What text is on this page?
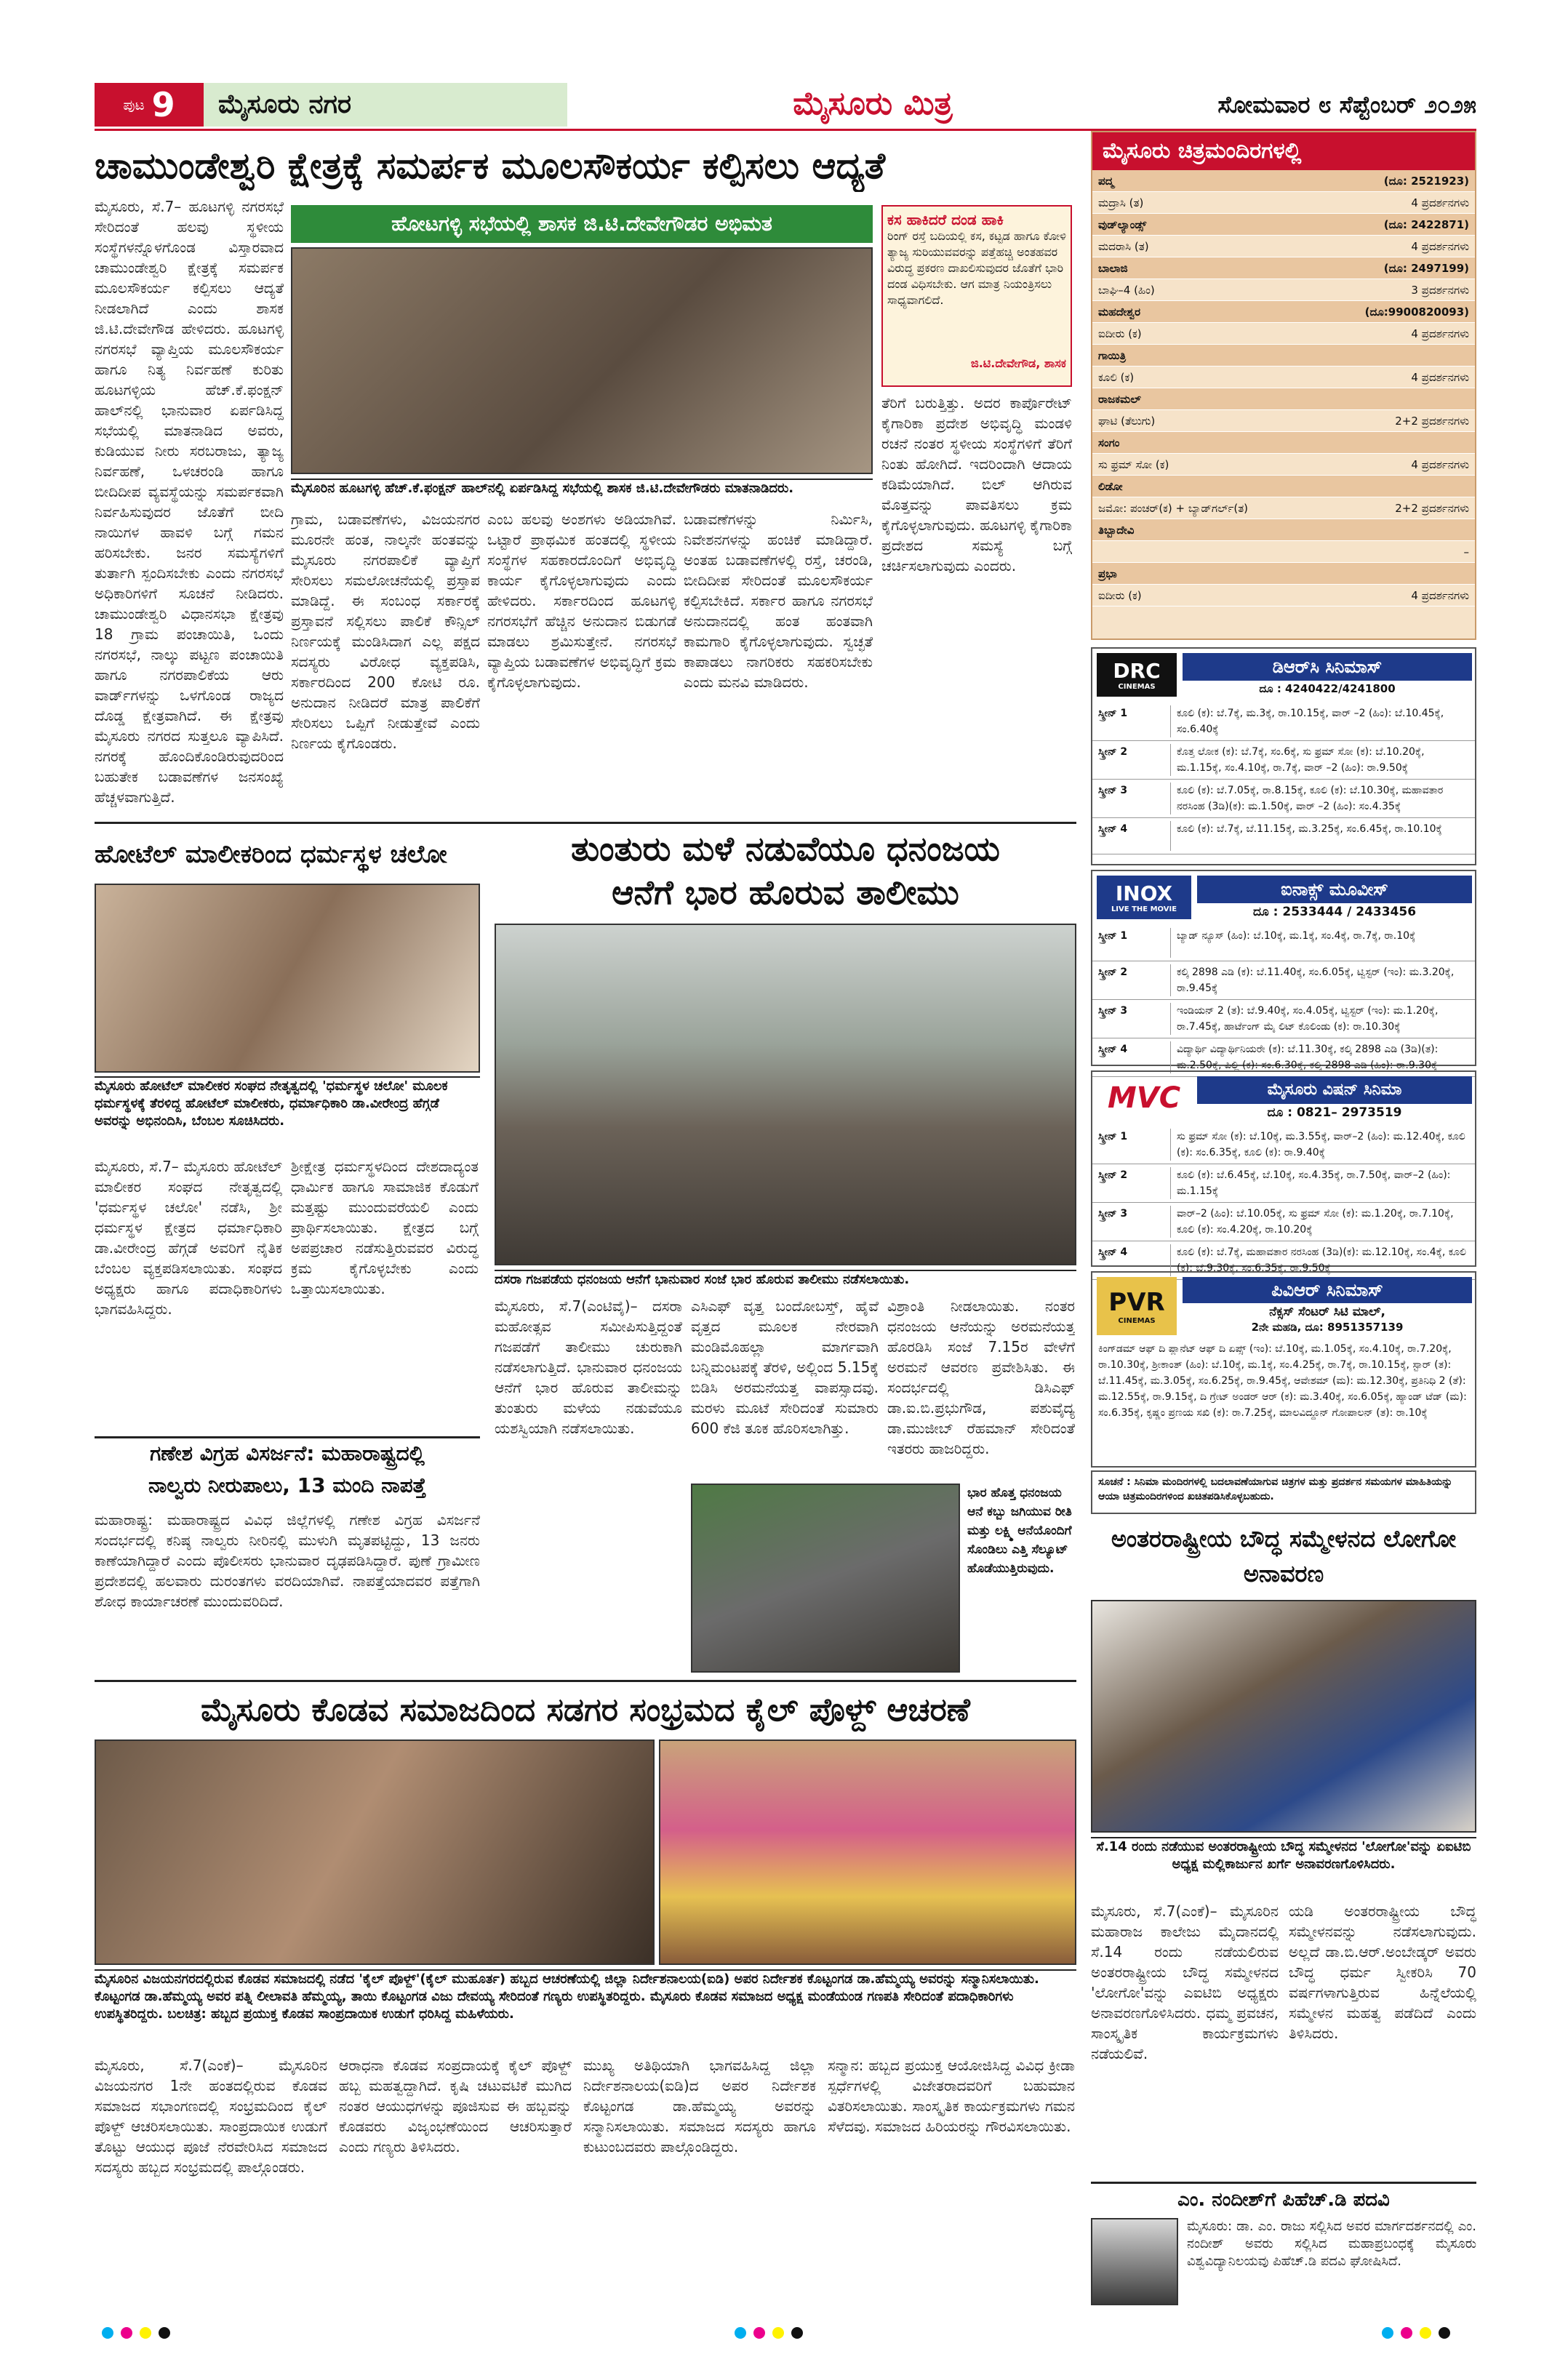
ಪುಟ 9	ಮೈಸೂರು ನಗರ	ಮೈಸೂರು ಮಿತ್ರ	ಸೋಮವಾರ ೮ ಸೆಪ್ಟೆಂಬರ್ ೨೦೨೫
ಚಾಮುಂಡೇಶ್ವರಿ ಕ್ಷೇತ್ರಕ್ಕೆ ಸಮರ್ಪಕ ಮೂಲಸೌಕರ್ಯ ಕಲ್ಪಿಸಲು ಆದ್ಯತೆ
ಮೈಸೂರು, ಸೆ.7– ಹೂಟಗಳ್ಳಿ ನಗರಸಭೆ ಸೇರಿದಂತೆ ಹಲವು ಸ್ಥಳೀಯ ಸಂಸ್ಥೆಗಳನ್ನೊಳಗೊಂಡ ವಿಸ್ತಾರವಾದ ಚಾಮುಂಡೇಶ್ವರಿ ಕ್ಷೇತ್ರಕ್ಕೆ ಸಮರ್ಪಕ ಮೂಲಸೌಕರ್ಯ ಕಲ್ಪಿಸಲು ಆದ್ಯತೆ ನೀಡಲಾಗಿದೆ ಎಂದು ಶಾಸಕ ಜಿ.ಟಿ.ದೇವೇಗೌಡ ಹೇಳಿದರು. ಹೂಟಗಳ್ಳಿ ನಗರಸಭೆ ವ್ಯಾಪ್ತಿಯ ಮೂಲಸೌಕರ್ಯ ಹಾಗೂ ನಿತ್ಯ ನಿರ್ವಹಣೆ ಕುರಿತು ಹೂಟಗಳ್ಳಿಯ ಹೆಚ್.ಕೆ.ಫಂಕ್ಷನ್ ಹಾಲ್‌ನಲ್ಲಿ ಭಾನುವಾರ ಏರ್ಪಡಿಸಿದ್ದ ಸಭೆಯಲ್ಲಿ ಮಾತನಾಡಿದ ಅವರು, ಕುಡಿಯುವ ನೀರು ಸರಬರಾಜು, ತ್ಯಾಜ್ಯ ನಿರ್ವಹಣೆ, ಒಳಚರಂಡಿ ಹಾಗೂ ಬೀದಿದೀಪ ವ್ಯವಸ್ಥೆಯನ್ನು ಸಮರ್ಪಕವಾಗಿ ನಿರ್ವಹಿಸುವುದರ ಜೊತೆಗೆ ಬೀದಿ ನಾಯಿಗಳ ಹಾವಳಿ ಬಗ್ಗೆ ಗಮನ ಹರಿಸಬೇಕು. ಜನರ ಸಮಸ್ಯೆಗಳಿಗೆ ತುರ್ತಾಗಿ ಸ್ಪಂದಿಸಬೇಕು ಎಂದು ನಗರಸಭೆ ಅಧಿಕಾರಿಗಳಿಗೆ ಸೂಚನೆ ನೀಡಿದರು. ಚಾಮುಂಡೇಶ್ವರಿ ವಿಧಾನಸಭಾ ಕ್ಷೇತ್ರವು 18 ಗ್ರಾಮ ಪಂಚಾಯಿತಿ, ಒಂದು ನಗರಸಭೆ, ನಾಲ್ಕು ಪಟ್ಟಣ ಪಂಚಾಯಿತಿ ಹಾಗೂ ನಗರಪಾಲಿಕೆಯ ಆರು ವಾರ್ಡ್‌ಗಳನ್ನು ಒಳಗೊಂಡ ರಾಜ್ಯದ ದೊಡ್ಡ ಕ್ಷೇತ್ರವಾಗಿದೆ. ಈ ಕ್ಷೇತ್ರವು ಮೈಸೂರು ನಗರದ ಸುತ್ತಲೂ ವ್ಯಾಪಿಸಿದೆ. ನಗರಕ್ಕೆ ಹೊಂದಿಕೊಂಡಿರುವುದರಿಂದ ಬಹುತೇಕ ಬಡಾವಣೆಗಳ ಜನಸಂಖ್ಯೆ ಹೆಚ್ಚಳವಾಗುತ್ತಿದೆ.
ಹೋಟಗಳ್ಳಿ ಸಭೆಯಲ್ಲಿ ಶಾಸಕ ಜಿ.ಟಿ.ದೇವೇಗೌಡರ ಅಭಿಮತ	ಕಸ ಹಾಕಿದರೆ ದಂಡ ಹಾಕಿ
ರಿಂಗ್ ರಸ್ತೆ ಬದಿಯಲ್ಲಿ ಕಸ, ಕಟ್ಟಡ ಹಾಗೂ ಕೋಳಿ ತ್ಯಾಜ್ಯ ಸುರಿಯುವವರನ್ನು ಪತ್ತೆಹಚ್ಚಿ ಅಂತಹವರ ವಿರುದ್ಧ ಪ್ರಕರಣ ದಾಖಲಿಸುವುದರ ಜೊತೆಗೆ ಭಾರಿ ದಂಡ ವಿಧಿಸಬೇಕು. ಆಗ ಮಾತ್ರ ನಿಯಂತ್ರಿಸಲು ಸಾಧ್ಯವಾಗಲಿದೆ.
ಜಿ.ಟಿ.ದೇವೇಗೌಡ, ಶಾಸಕ
ತೆರಿಗೆ ಬರುತ್ತಿತ್ತು. ಅದರ ಕಾರ್ಪೊರೇಟ್ ಕೈಗಾರಿಕಾ ಪ್ರದೇಶ ಅಭಿವೃದ್ಧಿ ಮಂಡಳಿ ರಚನೆ ನಂತರ ಸ್ಥಳೀಯ ಸಂಸ್ಥೆಗಳಿಗೆ ತೆರಿಗೆ ನಿಂತು ಹೋಗಿದೆ. ಇದರಿಂದಾಗಿ ಆದಾಯ ಕಡಿಮೆಯಾಗಿದೆ. ಬಿಲ್ ಆಗಿರುವ ಮೊತ್ತವನ್ನು ಪಾವತಿಸಲು ಕ್ರಮ ಕೈಗೊಳ್ಳಲಾಗುವುದು. ಹೂಟಗಳ್ಳಿ ಕೈಗಾರಿಕಾ ಪ್ರದೇಶದ ಸಮಸ್ಯೆ ಬಗ್ಗೆ ಚರ್ಚಿಸಲಾಗುವುದು ಎಂದರು.
ಮೈಸೂರಿನ ಹೂಟಗಳ್ಳಿ ಹೆಚ್.ಕೆ.ಫಂಕ್ಷನ್ ಹಾಲ್‌ನಲ್ಲಿ ಏರ್ಪಡಿಸಿದ್ದ ಸಭೆಯಲ್ಲಿ ಶಾಸಕ ಜಿ.ಟಿ.ದೇವೇಗೌಡರು ಮಾತನಾಡಿದರು.
ಗ್ರಾಮ, ಬಡಾವಣೆಗಳು, ವಿಜಯನಗರ ಮೂರನೇ ಹಂತ, ನಾಲ್ಕನೇ ಹಂತವನ್ನು ಮೈಸೂರು ನಗರಪಾಲಿಕೆ ವ್ಯಾಪ್ತಿಗೆ ಸೇರಿಸಲು ಸಮಲೋಚನೆಯಲ್ಲಿ ಪ್ರಸ್ತಾಪ ಮಾಡಿದ್ದೆ. ಈ ಸಂಬಂಧ ಸರ್ಕಾರಕ್ಕೆ ಪ್ರಸ್ತಾವನೆ ಸಲ್ಲಿಸಲು ಪಾಲಿಕೆ ಕೌನ್ಸಿಲ್ ನಿರ್ಣಯಕ್ಕೆ ಮಂಡಿಸಿದಾಗ ಎಲ್ಲ ಪಕ್ಷದ ಸದಸ್ಯರು ವಿರೋಧ ವ್ಯಕ್ತಪಡಿಸಿ, ಸರ್ಕಾರದಿಂದ 200 ಕೋಟಿ ರೂ. ಅನುದಾನ ನೀಡಿದರೆ ಮಾತ್ರ ಪಾಲಿಕೆಗೆ ಸೇರಿಸಲು ಒಪ್ಪಿಗೆ ನೀಡುತ್ತೇವೆ ಎಂದು ನಿರ್ಣಯ ಕೈಗೊಂಡರು.
ಎಂಬ ಹಲವು ಅಂಶಗಳು ಅಡಿಯಾಗಿವೆ. ಒಟ್ಟಾರೆ ಪ್ರಾಥಮಿಕ ಹಂತದಲ್ಲಿ ಸ್ಥಳೀಯ ಸಂಸ್ಥೆಗಳ ಸಹಕಾರದೊಂದಿಗೆ ಅಭಿವೃದ್ಧಿ ಕಾರ್ಯ ಕೈಗೊಳ್ಳಲಾಗುವುದು ಎಂದು ಹೇಳಿದರು. ಸರ್ಕಾರದಿಂದ ಹೂಟಗಳ್ಳಿ ನಗರಸಭೆಗೆ ಹೆಚ್ಚಿನ ಅನುದಾನ ಬಿಡುಗಡೆ ಮಾಡಲು ಶ್ರಮಿಸುತ್ತೇನೆ. ನಗರಸಭೆ ವ್ಯಾಪ್ತಿಯ ಬಡಾವಣೆಗಳ ಅಭಿವೃದ್ಧಿಗೆ ಕ್ರಮ ಕೈಗೊಳ್ಳಲಾಗುವುದು.
ಬಡಾವಣೆಗಳನ್ನು ನಿರ್ಮಿಸಿ, ನಿವೇಶನಗಳನ್ನು ಹಂಚಿಕೆ ಮಾಡಿದ್ದಾರೆ. ಅಂತಹ ಬಡಾವಣೆಗಳಲ್ಲಿ ರಸ್ತೆ, ಚರಂಡಿ, ಬೀದಿದೀಪ ಸೇರಿದಂತೆ ಮೂಲಸೌಕರ್ಯ ಕಲ್ಪಿಸಬೇಕಿದೆ. ಸರ್ಕಾರ ಹಾಗೂ ನಗರಸಭೆ ಅನುದಾನದಲ್ಲಿ ಹಂತ ಹಂತವಾಗಿ ಕಾಮಗಾರಿ ಕೈಗೊಳ್ಳಲಾಗುವುದು. ಸ್ವಚ್ಛತೆ ಕಾಪಾಡಲು ನಾಗರಿಕರು ಸಹಕರಿಸಬೇಕು ಎಂದು ಮನವಿ ಮಾಡಿದರು.
ಹೋಟೆಲ್ ಮಾಲೀಕರಿಂದ ಧರ್ಮಸ್ಥಳ ಚಲೋ
ಮೈಸೂರು ಹೋಟೆಲ್ ಮಾಲೀಕರ ಸಂಘದ ನೇತೃತ್ವದಲ್ಲಿ 'ಧರ್ಮಸ್ಥಳ ಚಲೋ' ಮೂಲಕ ಧರ್ಮಸ್ಥಳಕ್ಕೆ ತೆರಳಿದ್ದ ಹೋಟೆಲ್ ಮಾಲೀಕರು, ಧರ್ಮಾಧಿಕಾರಿ ಡಾ.ವೀರೇಂದ್ರ ಹೆಗ್ಗಡೆ ಅವರನ್ನು ಅಭಿನಂದಿಸಿ, ಬೆಂಬಲ ಸೂಚಿಸಿದರು.
ಮೈಸೂರು, ಸೆ.7– ಮೈಸೂರು ಹೋಟೆಲ್ ಮಾಲೀಕರ ಸಂಘದ ನೇತೃತ್ವದಲ್ಲಿ 'ಧರ್ಮಸ್ಥಳ ಚಲೋ' ನಡೆಸಿ, ಶ್ರೀ ಧರ್ಮಸ್ಥಳ ಕ್ಷೇತ್ರದ ಧರ್ಮಾಧಿಕಾರಿ ಡಾ.ವೀರೇಂದ್ರ ಹೆಗ್ಗಡೆ ಅವರಿಗೆ ನೈತಿಕ ಬೆಂಬಲ ವ್ಯಕ್ತಪಡಿಸಲಾಯಿತು. ಸಂಘದ ಅಧ್ಯಕ್ಷರು ಹಾಗೂ ಪದಾಧಿಕಾರಿಗಳು ಭಾಗವಹಿಸಿದ್ದರು.
ಶ್ರೀಕ್ಷೇತ್ರ ಧರ್ಮಸ್ಥಳದಿಂದ ದೇಶದಾದ್ಯಂತ ಧಾರ್ಮಿಕ ಹಾಗೂ ಸಾಮಾಜಿಕ ಕೊಡುಗೆ ಮತ್ತಷ್ಟು ಮುಂದುವರೆಯಲಿ ಎಂದು ಪ್ರಾರ್ಥಿಸಲಾಯಿತು. ಕ್ಷೇತ್ರದ ಬಗ್ಗೆ ಅಪಪ್ರಚಾರ ನಡೆಸುತ್ತಿರುವವರ ವಿರುದ್ಧ ಕ್ರಮ ಕೈಗೊಳ್ಳಬೇಕು ಎಂದು ಒತ್ತಾಯಿಸಲಾಯಿತು.
ಗಣೇಶ ವಿಗ್ರಹ ವಿಸರ್ಜನೆ: ಮಹಾರಾಷ್ಟ್ರದಲ್ಲಿ
ನಾಲ್ವರು ನೀರುಪಾಲು, 13 ಮಂದಿ ನಾಪತ್ತೆ
ಮಹಾರಾಷ್ಟ್ರ: ಮಹಾರಾಷ್ಟ್ರದ ವಿವಿಧ ಜಿಲ್ಲೆಗಳಲ್ಲಿ ಗಣೇಶ ವಿಗ್ರಹ ವಿಸರ್ಜನೆ ಸಂದರ್ಭದಲ್ಲಿ ಕನಿಷ್ಠ ನಾಲ್ವರು ನೀರಿನಲ್ಲಿ ಮುಳುಗಿ ಮೃತಪಟ್ಟಿದ್ದು, 13 ಜನರು ಕಾಣೆಯಾಗಿದ್ದಾರೆ ಎಂದು ಪೊಲೀಸರು ಭಾನುವಾರ ದೃಢಪಡಿಸಿದ್ದಾರೆ. ಪುಣೆ ಗ್ರಾಮೀಣ ಪ್ರದೇಶದಲ್ಲಿ ಹಲವಾರು ದುರಂತಗಳು ವರದಿಯಾಗಿವೆ. ನಾಪತ್ತೆಯಾದವರ ಪತ್ತೆಗಾಗಿ ಶೋಧ ಕಾರ್ಯಾಚರಣೆ ಮುಂದುವರಿದಿದೆ.
ತುಂತುರು ಮಳೆ ನಡುವೆಯೂ ಧನಂಜಯ
ಆನೆಗೆ ಭಾರ ಹೊರುವ ತಾಲೀಮು
ದಸರಾ ಗಜಪಡೆಯ ಧನಂಜಯ ಆನೆಗೆ ಭಾನುವಾರ ಸಂಜೆ ಭಾರ ಹೊರುವ ತಾಲೀಮು ನಡೆಸಲಾಯಿತು.
ಮೈಸೂರು, ಸೆ.7(ಎಂಟಿವೈ)– ದಸರಾ ಮಹೋತ್ಸವ ಸಮೀಪಿಸುತ್ತಿದ್ದಂತೆ ಗಜಪಡೆಗೆ ತಾಲೀಮು ಚುರುಕಾಗಿ ನಡೆಸಲಾಗುತ್ತಿದೆ. ಭಾನುವಾರ ಧನಂಜಯ ಆನೆಗೆ ಭಾರ ಹೊರುವ ತಾಲೀಮನ್ನು ತುಂತುರು ಮಳೆಯ ನಡುವೆಯೂ ಯಶಸ್ವಿಯಾಗಿ ನಡೆಸಲಾಯಿತು.
ಎಸಿಎಫ್ ವೃತ್ತ ಬಂದೋಬಸ್ತ್, ಹೈವೆ ವೃತ್ತದ ಮೂಲಕ ನೇರವಾಗಿ ಮಂಡಿಮೊಹಲ್ಲಾ ಮಾರ್ಗವಾಗಿ ಬನ್ನಿಮಂಟಪಕ್ಕೆ ತೆರಳಿ, ಅಲ್ಲಿಂದ 5.15ಕ್ಕೆ ಬಿಡಿಸಿ ಅರಮನೆಯತ್ತ ವಾಪಸ್ಸಾದವು. ಮರಳು ಮೂಟೆ ಸೇರಿದಂತೆ ಸುಮಾರು 600 ಕೆಜಿ ತೂಕ ಹೊರಿಸಲಾಗಿತ್ತು.
ವಿಶ್ರಾಂತಿ ನೀಡಲಾಯಿತು. ನಂತರ ಧನಂಜಯ ಆನೆಯನ್ನು ಅರಮನೆಯತ್ತ ಹೊರಡಿಸಿ ಸಂಜೆ 7.15ರ ವೇಳೆಗೆ ಅರಮನೆ ಆವರಣ ಪ್ರವೇಶಿಸಿತು. ಈ ಸಂದರ್ಭದಲ್ಲಿ ಡಿಸಿಎಫ್ ಡಾ.ಐ.ಬಿ.ಪ್ರಭುಗೌಡ, ಪಶುವೈದ್ಯ ಡಾ.ಮುಜೀಬ್ ರೆಹಮಾನ್ ಸೇರಿದಂತೆ ಇತರರು ಹಾಜರಿದ್ದರು.
ಭಾರ ಹೊತ್ತ ಧನಂಜಯ ಆನೆ ಕಬ್ಬು ಜಗಿಯುವ ರೀತಿ ಮತ್ತು ಲಕ್ಷ್ಮಿ ಆನೆಯೊಂದಿಗೆ ಸೊಂಡಿಲು ಎತ್ತಿ ಸೆಲ್ಯೂಟ್ ಹೊಡೆಯುತ್ತಿರುವುದು.
ಮೈಸೂರು ಕೊಡವ ಸಮಾಜದಿಂದ ಸಡಗರ ಸಂಭ್ರಮದ ಕೈಲ್ ಪೊಳ್ದ್ ಆಚರಣೆ
ಮೈಸೂರಿನ ವಿಜಯನಗರದಲ್ಲಿರುವ ಕೊಡವ ಸಮಾಜದಲ್ಲಿ ನಡೆದ 'ಕೈಲ್ ಪೊಳ್ದ್'(ಕೈಲ್ ಮುಹೂರ್ತ) ಹಬ್ಬದ ಆಚರಣೆಯಲ್ಲಿ ಜಿಲ್ಲಾ ನಿರ್ದೇಶನಾಲಯ(ಐಡಿ) ಅಪರ ನಿರ್ದೇಶಕ ಕೊಟ್ಟಂಗಡ ಡಾ.ಹೆಮ್ಮಯ್ಯ ಅವರನ್ನು ಸನ್ಮಾನಿಸಲಾಯಿತು. ಕೊಟ್ಟಂಗಡ ಡಾ.ಹೆಮ್ಮಯ್ಯ ಅವರ ಪತ್ನಿ ಲೀಲಾವತಿ ಹೆಮ್ಮಯ್ಯ, ತಾಯಿ ಕೊಟ್ಟಂಗಡ ವಿಜು ದೇವಯ್ಯ ಸೇರಿದಂತೆ ಗಣ್ಯರು ಉಪಸ್ಥಿತರಿದ್ದರು. ಮೈಸೂರು ಕೊಡವ ಸಮಾಜದ ಅಧ್ಯಕ್ಷ ಮಂಡೆಯಂಡ ಗಣಪತಿ ಸೇರಿದಂತೆ ಪದಾಧಿಕಾರಿಗಳು ಉಪಸ್ಥಿತರಿದ್ದರು. ಬಲಚಿತ್ರ: ಹಬ್ಬದ ಪ್ರಯುಕ್ತ ಕೊಡವ ಸಾಂಪ್ರದಾಯಿಕ ಉಡುಗೆ ಧರಿಸಿದ್ದ ಮಹಿಳೆಯರು.
ಮೈಸೂರು, ಸೆ.7(ಎಂಕೆ)– ಮೈಸೂರಿನ ವಿಜಯನಗರ 1ನೇ ಹಂತದಲ್ಲಿರುವ ಕೊಡವ ಸಮಾಜದ ಸಭಾಂಗಣದಲ್ಲಿ ಸಂಭ್ರಮದಿಂದ ಕೈಲ್ ಪೊಳ್ದ್ ಆಚರಿಸಲಾಯಿತು. ಸಾಂಪ್ರದಾಯಿಕ ಉಡುಗೆ ತೊಟ್ಟು ಆಯುಧ ಪೂಜೆ ನೆರವೇರಿಸಿದ ಸಮಾಜದ ಸದಸ್ಯರು ಹಬ್ಬದ ಸಂಭ್ರಮದಲ್ಲಿ ಪಾಲ್ಗೊಂಡರು.
ಆರಾಧನಾ ಕೊಡವ ಸಂಪ್ರದಾಯಕ್ಕೆ ಕೈಲ್ ಪೊಳ್ದ್ ಹಬ್ಬ ಮಹತ್ವದ್ದಾಗಿದೆ. ಕೃಷಿ ಚಟುವಟಿಕೆ ಮುಗಿದ ನಂತರ ಆಯುಧಗಳನ್ನು ಪೂಜಿಸುವ ಈ ಹಬ್ಬವನ್ನು ಕೊಡವರು ವಿಜೃಂಭಣೆಯಿಂದ ಆಚರಿಸುತ್ತಾರೆ ಎಂದು ಗಣ್ಯರು ತಿಳಿಸಿದರು.
ಮುಖ್ಯ ಅತಿಥಿಯಾಗಿ ಭಾಗವಹಿಸಿದ್ದ ಜಿಲ್ಲಾ ನಿರ್ದೇಶನಾಲಯ(ಐಡಿ)ದ ಅಪರ ನಿರ್ದೇಶಕ ಕೊಟ್ಟಂಗಡ ಡಾ.ಹೆಮ್ಮಯ್ಯ ಅವರನ್ನು ಸನ್ಮಾನಿಸಲಾಯಿತು. ಸಮಾಜದ ಸದಸ್ಯರು ಹಾಗೂ ಕುಟುಂಬದವರು ಪಾಲ್ಗೊಂಡಿದ್ದರು.
ಸನ್ಮಾನ: ಹಬ್ಬದ ಪ್ರಯುಕ್ತ ಆಯೋಜಿಸಿದ್ದ ವಿವಿಧ ಕ್ರೀಡಾ ಸ್ಪರ್ಧೆಗಳಲ್ಲಿ ವಿಜೇತರಾದವರಿಗೆ ಬಹುಮಾನ ವಿತರಿಸಲಾಯಿತು. ಸಾಂಸ್ಕೃತಿಕ ಕಾರ್ಯಕ್ರಮಗಳು ಗಮನ ಸೆಳೆದವು. ಸಮಾಜದ ಹಿರಿಯರನ್ನು ಗೌರವಿಸಲಾಯಿತು.
ಮೈಸೂರು ಚಿತ್ರಮಂದಿರಗಳಲ್ಲಿ
ಪದ್ಮ	(ದೂ: 2521923)
ಮದ್ರಾಸಿ (ತ)	4 ಪ್ರದರ್ಶನಗಳು
ವುಡ್‌ಲ್ಯಾಂಡ್ಸ್	(ದೂ: 2422871)
ಮದರಾಸಿ (ತ)	4 ಪ್ರದರ್ಶನಗಳು
ಬಾಲಾಜಿ	(ದೂ: 2497199)
ಬಾಘಿ–4 (ಹಿಂ)	3 ಪ್ರದರ್ಶನಗಳು
ಮಹದೇಶ್ವರ	(ದೂ:9900820093)
ಐದೀರು (ಕ)	4 ಪ್ರದರ್ಶನಗಳು
ಗಾಯಿತ್ರಿ
ಕೂಲಿ (ಕ)	4 ಪ್ರದರ್ಶನಗಳು
ರಾಜಕಮಲ್
ಘಾಟಿ (ತೆಲುಗು)	2+2 ಪ್ರದರ್ಶನಗಳು
ಸಂಗಂ
ಸು ಫ್ರಮ್ ಸೋ (ಕ)	4 ಪ್ರದರ್ಶನಗಳು
ಲಿಡೋ
ಜಮೋ: ಪಂಚರ್(ಕ) + ಬ್ಯಾಡ್‌ಗರ್ಲ್(ತ)	2+2 ಪ್ರದರ್ಶನಗಳು
ತಿಬ್ಬಾದೇವಿ
–
ಪ್ರಭಾ
ಐದೀರು (ಕ)	4 ಪ್ರದರ್ಶನಗಳು
DRC
CINEMAS
ಡಿಆರ್‌ಸಿ ಸಿನಿಮಾಸ್
ದೂ : 4240422/4241800
ಸ್ಕ್ರೀನ್ 1	ಕೂಲಿ (ಕ): ಬೆ.7ಕ್ಕೆ, ಮ.3ಕ್ಕೆ, ರಾ.10.15ಕ್ಕೆ, ವಾರ್ –2 (ಹಿಂ): ಬೆ.10.45ಕ್ಕೆ, ಸಂ.6.40ಕ್ಕೆ
ಸ್ಕ್ರೀನ್ 2	ಕೊತ್ತ ಲೋಕ (ಕ): ಬೆ.7ಕ್ಕೆ, ಸಂ.6ಕ್ಕೆ, ಸು ಫ್ರಮ್ ಸೋ (ಕ): ಬೆ.10.20ಕ್ಕೆ, ಮ.1.15ಕ್ಕೆ, ಸಂ.4.10ಕ್ಕೆ, ರಾ.7ಕ್ಕೆ, ವಾರ್ –2 (ಹಿಂ): ರಾ.9.50ಕ್ಕೆ
ಸ್ಕ್ರೀನ್ 3	ಕೂಲಿ (ಕ): ಬೆ.7.05ಕ್ಕೆ, ರಾ.8.15ಕ್ಕೆ, ಕೂಲಿ (ಕ): ಬೆ.10.30ಕ್ಕೆ, ಮಹಾವತಾರ ನರಸಿಂಹ (3ಡಿ)(ಕ): ಮ.1.50ಕ್ಕೆ, ವಾರ್ –2 (ಹಿಂ): ಸಂ.4.35ಕ್ಕೆ
ಸ್ಕ್ರೀನ್ 4	ಕೂಲಿ (ಕ): ಬೆ.7ಕ್ಕೆ, ಬೆ.11.15ಕ್ಕೆ, ಮ.3.25ಕ್ಕೆ, ಸಂ.6.45ಕ್ಕೆ, ರಾ.10.10ಕ್ಕೆ
INOX
LIVE THE MOVIE
ಐನಾಕ್ಸ್ ಮೂವೀಸ್
ದೂ : 2533444 / 2433456
ಸ್ಕ್ರೀನ್ 1	ಬ್ಯಾಡ್ ನ್ಯೂಸ್ (ಹಿಂ): ಬೆ.10ಕ್ಕೆ, ಮ.1ಕ್ಕೆ, ಸಂ.4ಕ್ಕೆ, ರಾ.7ಕ್ಕೆ, ರಾ.10ಕ್ಕೆ
ಸ್ಕ್ರೀನ್ 2	ಕಲ್ಕಿ 2898 ಎಡಿ (ಕ): ಬೆ.11.40ಕ್ಕೆ, ಸಂ.6.05ಕ್ಕೆ, ಟ್ವಿಸ್ಟರ್ (ಇಂ): ಮ.3.20ಕ್ಕೆ, ರಾ.9.45ಕ್ಕೆ
ಸ್ಕ್ರೀನ್ 3	ಇಂಡಿಯನ್ 2 (ತ): ಬೆ.9.40ಕ್ಕೆ, ಸಂ.4.05ಕ್ಕೆ, ಟ್ವಿಸ್ಟರ್ (ಇಂ): ಮ.1.20ಕ್ಕೆ, ರಾ.7.45ಕ್ಕೆ, ಹಾರ್ಟೆಂಗ್ ಮೈ ಲಿಟ್ ಕೊಲಿಂಡು (ಕ): ರಾ.10.30ಕ್ಕೆ
ಸ್ಕ್ರೀನ್ 4	ವಿದ್ಯಾರ್ಥಿ ವಿದ್ಯಾರ್ಥಿನಿಯರೇ (ಕ): ಬೆ.11.30ಕ್ಕೆ, ಕಲ್ಕಿ 2898 ಎಡಿ (3ಡಿ)(ತ): ಮ.2.50ಕ್ಕೆ, ಪಿಲ್ಲಿ (ಕ): ಸಂ.6.30ಕ್ಕೆ, ಕಲ್ಕಿ 2898 ಎಡಿ (ಹಿಂ): ರಾ.9.30ಕ್ಕೆ
MVC	ಮೈಸೂರು ವಿಷನ್ ಸಿನಿಮಾ
ದೂ : 0821– 2973519
ಸ್ಕ್ರೀನ್ 1	ಸು ಫ್ರಮ್ ಸೋ (ಕ): ಬೆ.10ಕ್ಕೆ, ಮ.3.55ಕ್ಕೆ, ವಾರ್–2 (ಹಿಂ): ಮ.12.40ಕ್ಕೆ, ಕೂಲಿ (ಕ): ಸಂ.6.35ಕ್ಕೆ, ಕೂಲಿ (ಕ): ರಾ.9.40ಕ್ಕೆ
ಸ್ಕ್ರೀನ್ 2	ಕೂಲಿ (ಕ): ಬೆ.6.45ಕ್ಕೆ, ಬೆ.10ಕ್ಕೆ, ಸಂ.4.35ಕ್ಕೆ, ರಾ.7.50ಕ್ಕೆ, ವಾರ್–2 (ಹಿಂ): ಮ.1.15ಕ್ಕೆ
ಸ್ಕ್ರೀನ್ 3	ವಾರ್–2 (ಹಿಂ): ಬೆ.10.05ಕ್ಕೆ, ಸು ಫ್ರಮ್ ಸೋ (ಕ): ಮ.1.20ಕ್ಕೆ, ರಾ.7.10ಕ್ಕೆ, ಕೂಲಿ (ಕ): ಸಂ.4.20ಕ್ಕೆ, ರಾ.10.20ಕ್ಕೆ
ಸ್ಕ್ರೀನ್ 4	ಕೂಲಿ (ಕ): ಬೆ.7ಕ್ಕೆ, ಮಹಾವತಾರ ನರಸಿಂಹ (3ಡಿ)(ಕ): ಮ.12.10ಕ್ಕೆ, ಸಂ.4ಕ್ಕೆ, ಕೂಲಿ (ಕ): ಬೆ.9.30ಕ್ಕೆ, ಸಂ.6.35ಕ್ಕೆ, ರಾ.9.50ಕ್ಕೆ
PVR
CINEMAS
ಪಿವಿಆರ್ ಸಿನಿಮಾಸ್
ನೆಕ್ಸಸ್ ಸೆಂಟರ್ ಸಿಟಿ ಮಾಲ್,
2ನೇ ಮಹಡಿ, ದೂ: 8951357139
ಕಿಂಗ್‌ಡಮ್ ಆಫ್ ದಿ ಪ್ಲಾನೆಟ್ ಆಫ್ ದಿ ಏಪ್ಸ್ (ಇಂ): ಬೆ.10ಕ್ಕೆ, ಮ.1.05ಕ್ಕೆ, ಸಂ.4.10ಕ್ಕೆ, ರಾ.7.20ಕ್ಕೆ, ರಾ.10.30ಕ್ಕೆ, ಶ್ರೀಕಾಂತ್ (ಹಿಂ): ಬೆ.10ಕ್ಕೆ, ಮ.1ಕ್ಕೆ, ಸಂ.4.25ಕ್ಕೆ, ರಾ.7ಕ್ಕೆ, ರಾ.10.15ಕ್ಕೆ, ಸ್ಟಾರ್ (ತ): ಬೆ.11.45ಕ್ಕೆ, ಮ.3.05ಕ್ಕೆ, ಸಂ.6.25ಕ್ಕೆ, ರಾ.9.45ಕ್ಕೆ, ಆವೇಶಮ್ (ಮ): ಮ.12.30ಕ್ಕೆ, ಪ್ರತಿನಿಧಿ 2 (ತೆ): ಮ.12.55ಕ್ಕೆ, ರಾ.9.15ಕ್ಕೆ, ದಿ ಗ್ರೇಟ್ ಅಂಡರ್ ಆರ್ (ಕ): ಮ.3.40ಕ್ಕೆ, ಸಂ.6.05ಕ್ಕೆ, ಹ್ಯಾಂಡ್ ಟೆಡ್ (ಮ): ಸಂ.6.35ಕ್ಕೆ, ಕೃಷ್ಣಂ ಪ್ರಣಯ ಸಖಿ (ಕ): ರಾ.7.25ಕ್ಕೆ, ಮಾಲವಿದ್ದೂನ್ ಗೋಪಾಲನ್ (ತ): ರಾ.10ಕ್ಕೆ
ಸೂಚನೆ : ಸಿನಿಮಾ ಮಂದಿರಗಳಲ್ಲಿ ಬದಲಾವಣೆಯಾಗುವ ಚಿತ್ರಗಳ ಮತ್ತು ಪ್ರದರ್ಶನ ಸಮಯಗಳ ಮಾಹಿತಿಯನ್ನು ಆಯಾ ಚಿತ್ರಮಂದಿರಗಳಿಂದ ಖಚಿತಪಡಿಸಿಕೊಳ್ಳಬಹುದು.
ಅಂತರರಾಷ್ಟ್ರೀಯ ಬೌದ್ಧ ಸಮ್ಮೇಳನದ ಲೋಗೋ ಅನಾವರಣ
ಸೆ.14 ರಂದು ನಡೆಯುವ ಅಂತರರಾಷ್ಟ್ರೀಯ ಬೌದ್ಧ ಸಮ್ಮೇಳನದ 'ಲೋಗೋ'ವನ್ನು ಏಐಟಿಬಿ ಅಧ್ಯಕ್ಷ ಮಲ್ಲಿಕಾರ್ಜುನ ಖರ್ಗೆ ಅನಾವರಣಗೊಳಿಸಿದರು.
ಮೈಸೂರು, ಸೆ.7(ಎಂಕೆ)– ಮೈಸೂರಿನ ಮಹಾರಾಜ ಕಾಲೇಜು ಮೈದಾನದಲ್ಲಿ ಸೆ.14 ರಂದು ನಡೆಯಲಿರುವ ಅಂತರರಾಷ್ಟ್ರೀಯ ಬೌದ್ಧ ಸಮ್ಮೇಳನದ 'ಲೋಗೋ'ವನ್ನು ಎಐಟಿಬಿ ಅಧ್ಯಕ್ಷರು ಅನಾವರಣಗೊಳಿಸಿದರು. ಧಮ್ಮ ಪ್ರವಚನ, ಸಾಂಸ್ಕೃತಿಕ ಕಾರ್ಯಕ್ರಮಗಳು ನಡೆಯಲಿವೆ.
ಯಡಿ ಅಂತರರಾಷ್ಟ್ರೀಯ ಬೌದ್ಧ ಸಮ್ಮೇಳನವನ್ನು ನಡೆಸಲಾಗುವುದು. ಅಲ್ಲದೆ ಡಾ.ಬಿ.ಆರ್.ಅಂಬೇಡ್ಕರ್ ಅವರು ಬೌದ್ಧ ಧರ್ಮ ಸ್ವೀಕರಿಸಿ 70 ವರ್ಷಗಳಾಗುತ್ತಿರುವ ಹಿನ್ನೆಲೆಯಲ್ಲಿ ಸಮ್ಮೇಳನ ಮಹತ್ವ ಪಡೆದಿದೆ ಎಂದು ತಿಳಿಸಿದರು.
ಎಂ. ನಂದೀಶ್‌ಗೆ ಪಿಹೆಚ್.ಡಿ ಪದವಿ
ಮೈಸೂರು: ಡಾ. ಎಂ. ರಾಜು ಸಲ್ಲಿಸಿದ ಅವರ ಮಾರ್ಗದರ್ಶನದಲ್ಲಿ ಎಂ. ನಂದೀಶ್ ಅವರು ಸಲ್ಲಿಸಿದ ಮಹಾಪ್ರಬಂಧಕ್ಕೆ ಮೈಸೂರು ವಿಶ್ವವಿದ್ಯಾನಿಲಯವು ಪಿಹೆಚ್.ಡಿ ಪದವಿ ಘೋಷಿಸಿದೆ.
